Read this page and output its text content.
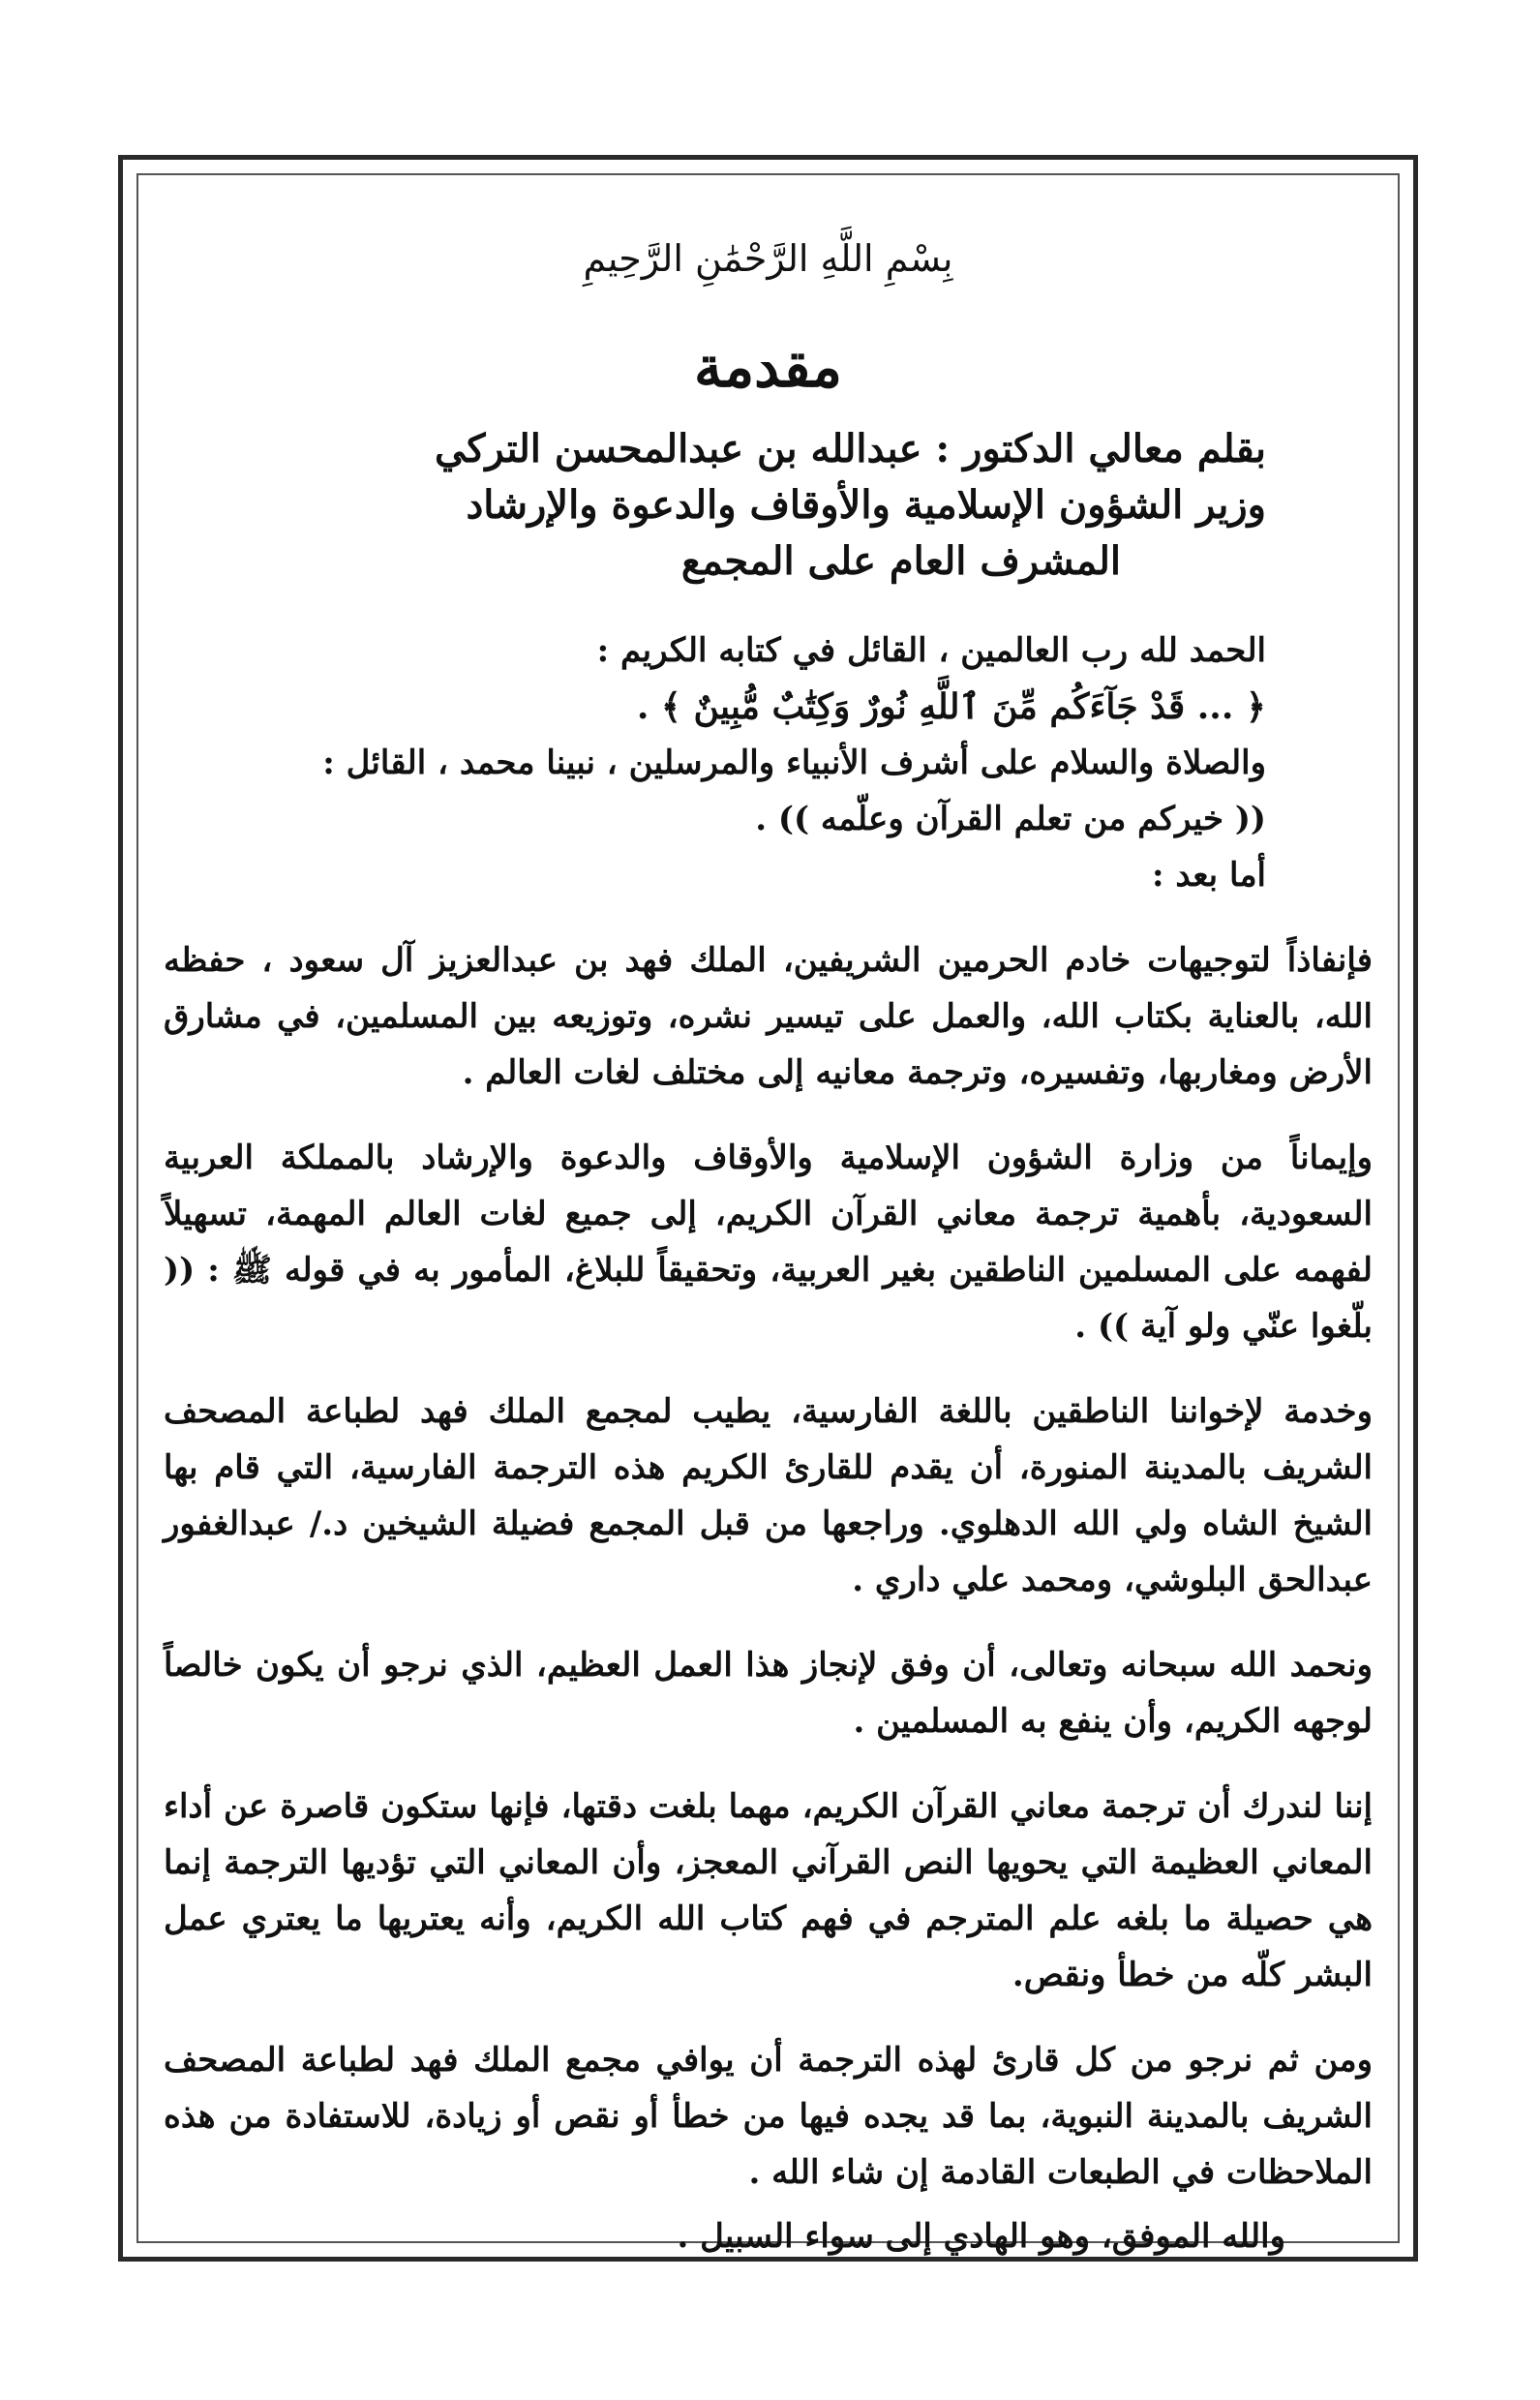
بِسْمِ اللَّهِ الرَّحْمَٰنِ الرَّحِيمِ
مقدمة
بقلم معالي الدكتور : عبدالله بن عبدالمحسن التركي
وزير الشؤون الإسلامية والأوقاف والدعوة والإرشاد
المشرف العام على المجمع
الحمد لله رب العالمين ، القائل في كتابه الكريم :
﴿ ... قَدْ جَآءَكُم مِّنَ ٱللَّهِ نُورٌ وَكِتَٰبٌ مُّبِينٌ ﴾ .
والصلاة والسلام على أشرف الأنبياء والمرسلين ، نبينا محمد ، القائل :
(( خيركم من تعلم القرآن وعلّمه )) .
أما بعد :
فإنفاذاً لتوجيهات خادم الحرمين الشريفين، الملك فهد بن عبدالعزيز آل سعود ، حفظه الله، بالعناية بكتاب الله، والعمل على تيسير نشره، وتوزيعه بين المسلمين، في مشارق الأرض ومغاربها، وتفسيره، وترجمة معانيه إلى مختلف لغات العالم .
وإيماناً من وزارة الشؤون الإسلامية والأوقاف والدعوة والإرشاد بالمملكة العربية السعودية، بأهمية ترجمة معاني القرآن الكريم، إلى جميع لغات العالم المهمة، تسهيلاً لفهمه على المسلمين الناطقين بغير العربية، وتحقيقاً للبلاغ، المأمور به في قوله ﷺ : (( بلّغوا عنّي ولو آية )) .
وخدمة لإخواننا الناطقين باللغة الفارسية، يطيب لمجمع الملك فهد لطباعة المصحف الشريف بالمدينة المنورة، أن يقدم للقارئ الكريم هذه الترجمة الفارسية، التي قام بها الشيخ الشاه ولي الله الدهلوي. وراجعها من قبل المجمع فضيلة الشيخين د./ عبدالغفور عبدالحق البلوشي، ومحمد علي داري .
ونحمد الله سبحانه وتعالى، أن وفق لإنجاز هذا العمل العظيم، الذي نرجو أن يكون خالصاً لوجهه الكريم، وأن ينفع به المسلمين .
إننا لندرك أن ترجمة معاني القرآن الكريم، مهما بلغت دقتها، فإنها ستكون قاصرة عن أداء المعاني العظيمة التي يحويها النص القرآني المعجز، وأن المعاني التي تؤديها الترجمة إنما هي حصيلة ما بلغه علم المترجم في فهم كتاب الله الكريم، وأنه يعتريها ما يعتري عمل البشر كلّه من خطأ ونقص.
ومن ثم نرجو من كل قارئ لهذه الترجمة أن يوافي مجمع الملك فهد لطباعة المصحف الشريف بالمدينة النبوية، بما قد يجده فيها من خطأ أو نقص أو زيادة، للاستفادة من هذه الملاحظات في الطبعات القادمة إن شاء الله .
والله الموفق، وهو الهادي إلى سواء السبيل .
